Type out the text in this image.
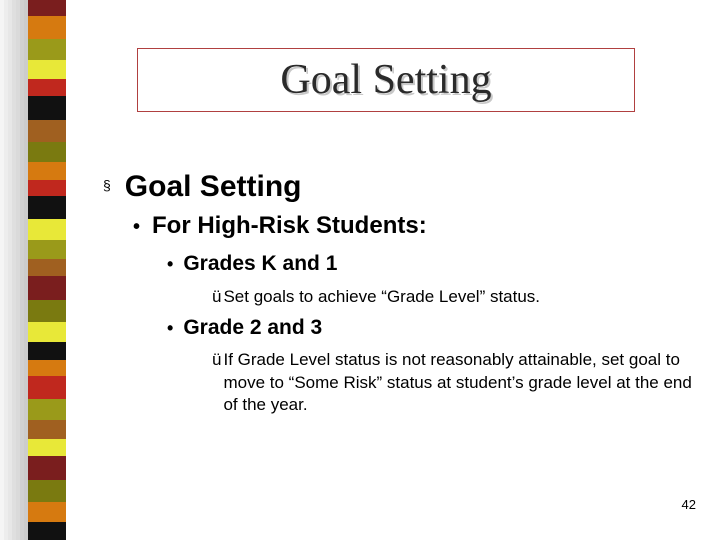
Goal Setting
§ Goal Setting
• For High-Risk Students:
• Grades K and 1
ü Set goals to achieve “Grade Level” status.
• Grade 2 and 3
ü If Grade Level status is not reasonably attainable, set goal to move to “Some Risk” status at student’s grade level at the end of the year.
42
